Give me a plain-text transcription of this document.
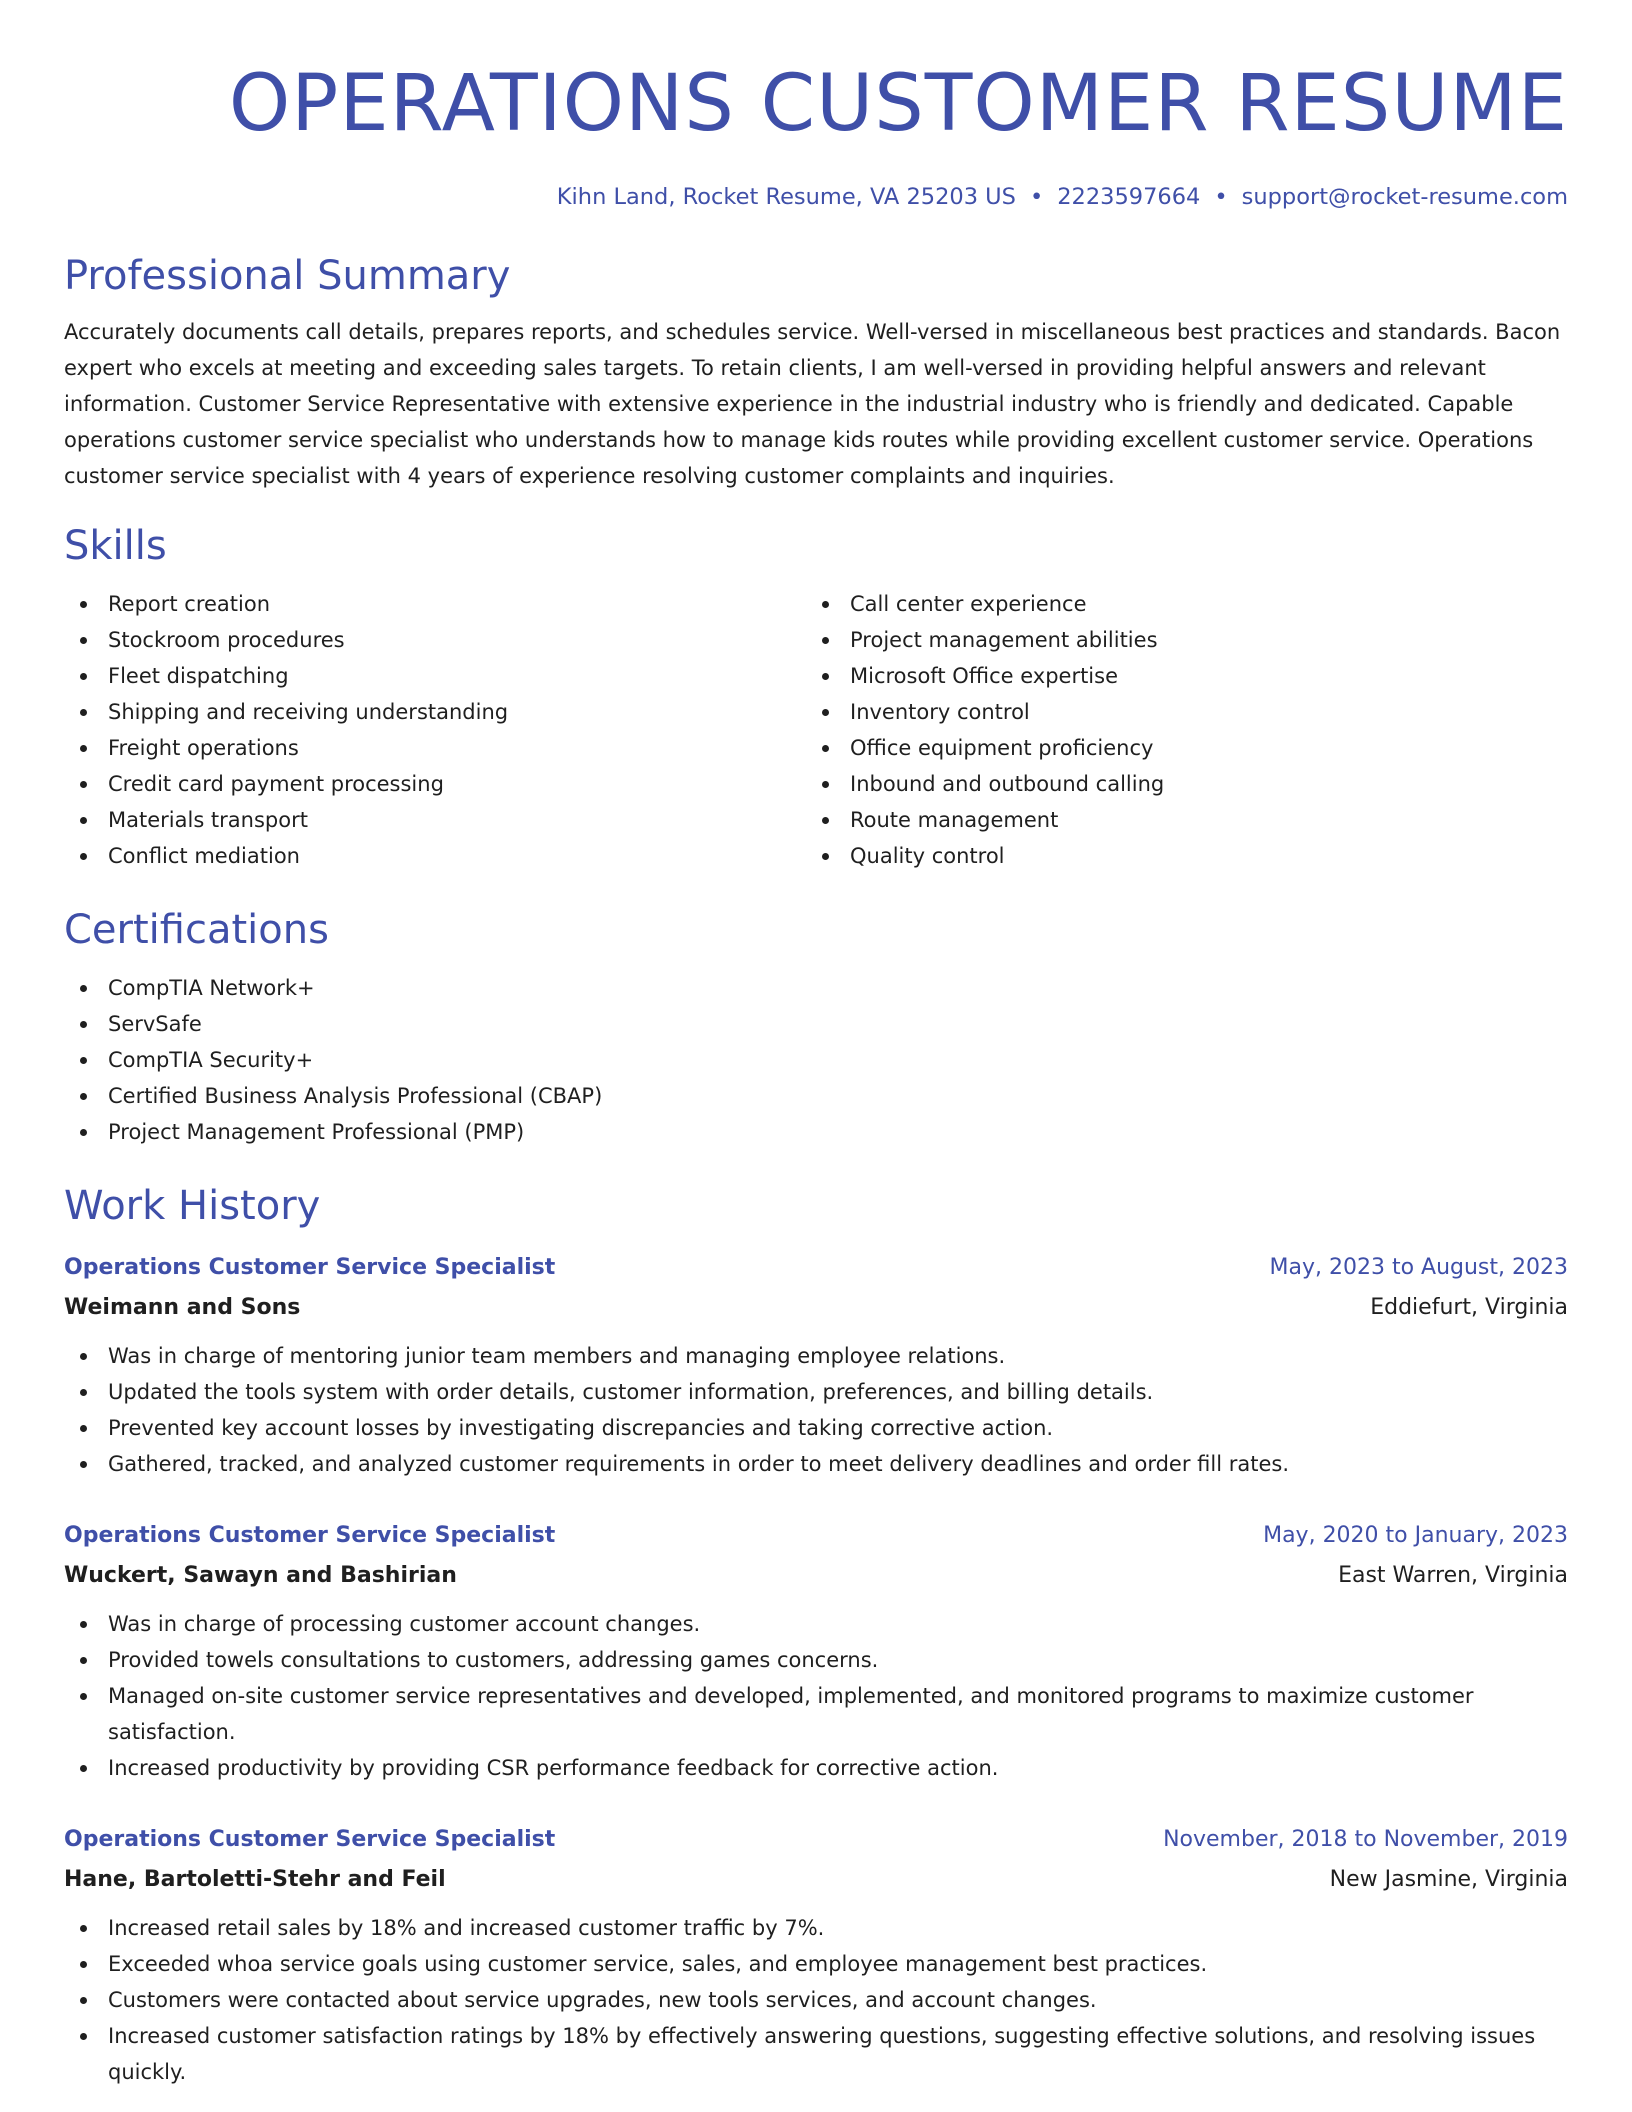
OPERATIONS CUSTOMER RESUME
Kihn Land, Rocket Resume, VA 25203 US • 2223597664 • support@rocket-resume.com
Professional Summary

Accurately documents call details, prepares reports, and schedules service. Well-versed in miscellaneous best practices and standards. Bacon expert who excels at meeting and exceeding sales targets. To retain clients, I am well-versed in providing helpful answers and relevant information. Customer Service Representative with extensive experience in the industrial industry who is friendly and dedicated. Capable operations customer service specialist who understands how to manage kids routes while providing excellent customer service. Operations customer service specialist with 4 years of experience resolving customer complaints and inquiries.

Skills
Report creation
Stockroom procedures
Fleet dispatching
Shipping and receiving understanding
Freight operations
Credit card payment processing
Materials transport
Conflict mediation
Call center experience
Project management abilities
Microsoft Office expertise
Inventory control
Office equipment proficiency
Inbound and outbound calling
Route management
Quality control
Certifications
CompTIA Network+
ServSafe
CompTIA Security+
Certified Business Analysis Professional (CBAP)
Project Management Professional (PMP)
Work History
Operations Customer Service Specialist	May, 2023 to August, 2023
Weimann and Sons	Eddiefurt, Virginia
Was in charge of mentoring junior team members and managing employee relations.
Updated the tools system with order details, customer information, preferences, and billing details.
Prevented key account losses by investigating discrepancies and taking corrective action.
Gathered, tracked, and analyzed customer requirements in order to meet delivery deadlines and order fill rates.
Operations Customer Service Specialist	May, 2020 to January, 2023
Wuckert, Sawayn and Bashirian	East Warren, Virginia
Was in charge of processing customer account changes.
Provided towels consultations to customers, addressing games concerns.
Managed on-site customer service representatives and developed, implemented, and monitored programs to maximize customer satisfaction.
Increased productivity by providing CSR performance feedback for corrective action.
Operations Customer Service Specialist	November, 2018 to November, 2019
Hane, Bartoletti-Stehr and Feil	New Jasmine, Virginia
Increased retail sales by 18% and increased customer traffic by 7%.
Exceeded whoa service goals using customer service, sales, and employee management best practices.
Customers were contacted about service upgrades, new tools services, and account changes.
Increased customer satisfaction ratings by 18% by effectively answering questions, suggesting effective solutions, and resolving issues quickly.
